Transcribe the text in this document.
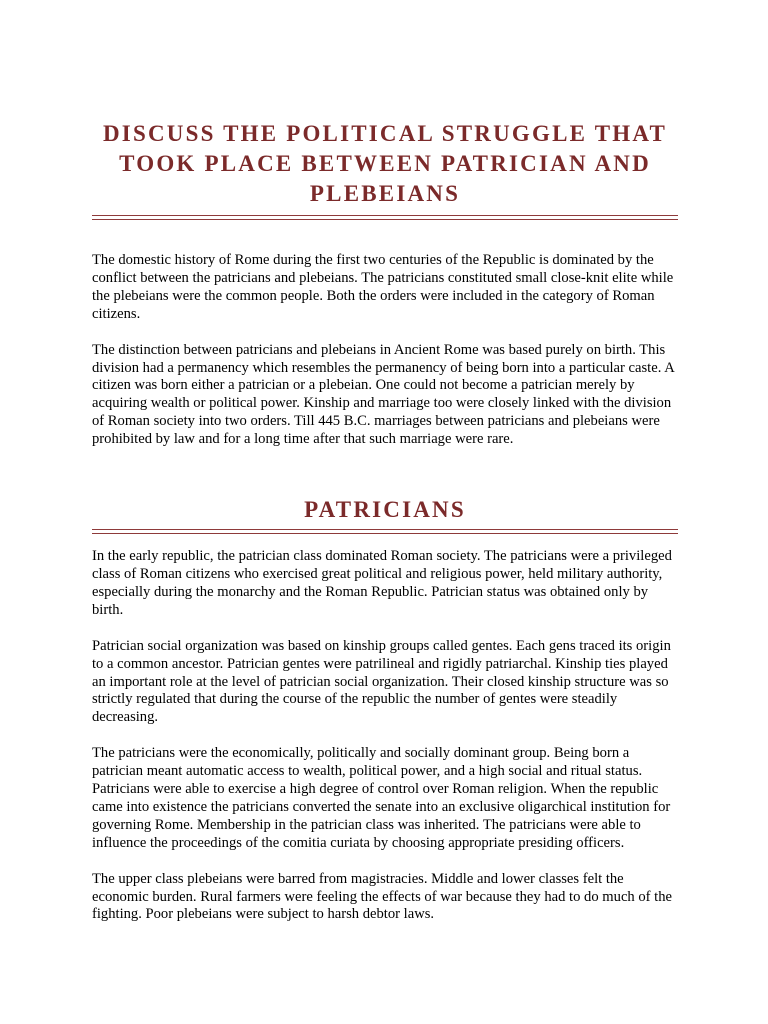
DISCUSS THE POLITICAL STRUGGLE THAT TOOK PLACE BETWEEN PATRICIAN AND PLEBEIANS

The domestic history of Rome during the first two centuries of the Republic is dominated by the conflict between the patricians and plebeians. The patricians constituted small close-knit elite while the plebeians were the common people. Both the orders were included in the category of Roman citizens.

The distinction between patricians and plebeians in Ancient Rome was based purely on birth. This division had a permanency which resembles the permanency of being born into a particular caste. A citizen was born either a patrician or a plebeian. One could not become a patrician merely by acquiring wealth or political power. Kinship and marriage too were closely linked with the division of Roman society into two orders. Till 445 B.C. marriages between patricians and plebeians were prohibited by law and for a long time after that such marriage were rare.

PATRICIANS

In the early republic, the patrician class dominated Roman society. The patricians were a privileged class of Roman citizens who exercised great political and religious power, held military authority, especially during the monarchy and the Roman Republic. Patrician status was obtained only by birth.

Patrician social organization was based on kinship groups called gentes. Each gens traced its origin to a common ancestor. Patrician gentes were patrilineal and rigidly patriarchal. Kinship ties played an important role at the level of patrician social organization. Their closed kinship structure was so strictly regulated that during the course of the republic the number of gentes were steadily decreasing.

The patricians were the economically, politically and socially dominant group. Being born a patrician meant automatic access to wealth, political power, and a high social and ritual status. Patricians were able to exercise a high degree of control over Roman religion. When the republic came into existence the patricians converted the senate into an exclusive oligarchical institution for governing Rome. Membership in the patrician class was inherited. The patricians were able to influence the proceedings of the comitia curiata by choosing appropriate presiding officers.

The upper class plebeians were barred from magistracies. Middle and lower classes felt the economic burden. Rural farmers were feeling the effects of war because they had to do much of the fighting. Poor plebeians were subject to harsh debtor laws.
